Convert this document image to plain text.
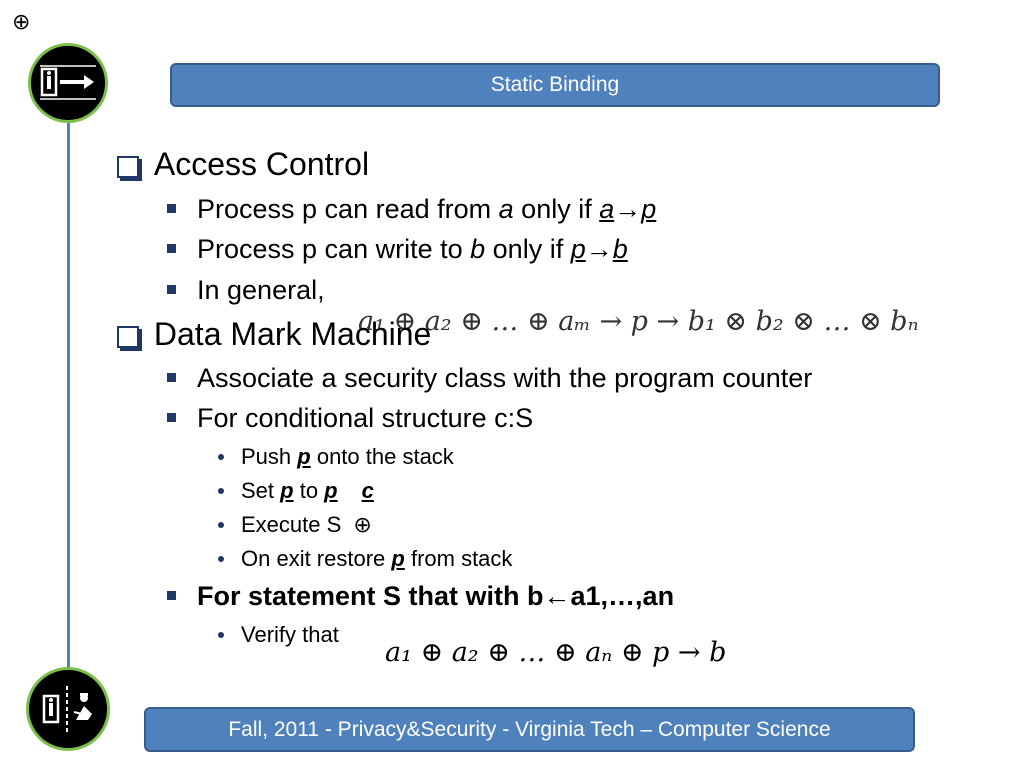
⊕
Static Binding
Access Control
Process p can read from a only if a→p
Process p can write to b only if p→b
In general,
a₁ ⊕ a₂ ⊕ … ⊕ aₘ → p → b₁ ⊗ b₂ ⊗ … ⊗ bₙ
Data Mark Machine
Associate a security class with the program counter
For conditional structure c:S
Push p onto the stack
Set p to p c
Execute S ⊕
On exit restore p from stack
For statement S that with b←a1,…,an
Verify that
a₁ ⊕ a₂ ⊕ … ⊕ aₙ ⊕ p → b
Fall, 2011 - Privacy&Security - Virginia Tech – Computer Science
